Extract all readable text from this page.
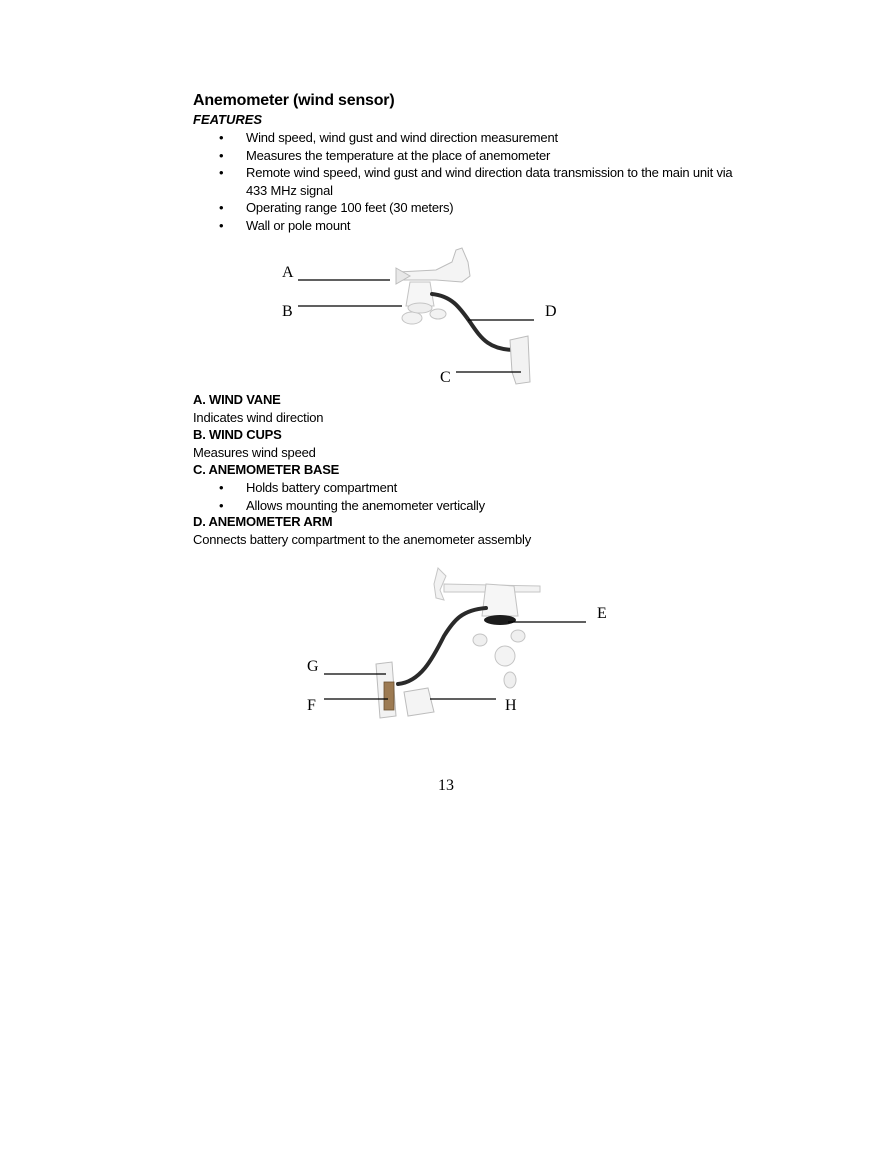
Anemometer (wind sensor)
FEATURES
• Wind speed, wind gust and wind direction measurement
• Measures the temperature at the place of anemometer
• Remote wind speed, wind gust and wind direction data transmission to the main unit via 433 MHz signal
• Operating range 100 feet (30 meters)
• Wall or pole mount
A
B	D
C
A. WIND VANE
Indicates wind direction
B. WIND CUPS
Measures wind speed
C. ANEMOMETER BASE
• Holds battery compartment
• Allows mounting the anemometer vertically
D. ANEMOMETER ARM
Connects battery compartment to the anemometer assembly
E
G
F	H
13
